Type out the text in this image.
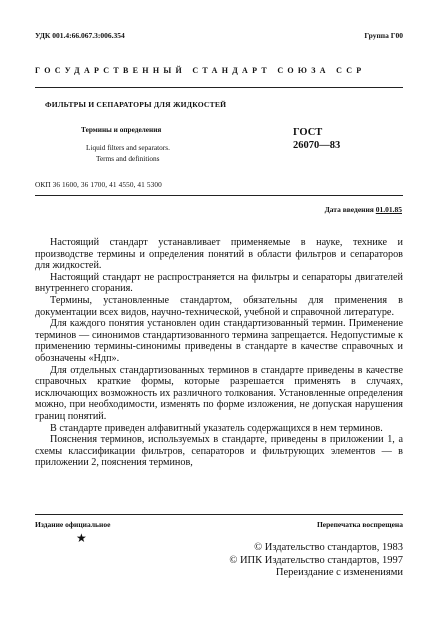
УДК 001.4:66.067.3:006.354	Группа Г00
ГОСУДАРСТВЕННЫЙ СТАНДАРТ СОЮЗА ССР
ФИЛЬТРЫ И СЕПАРАТОРЫ ДЛЯ ЖИДКОСТЕЙ
Термины и определения
Liquid filters and separators.
Terms and definitions
ГОСТ
26070—83
ОКП 36 1600, 36 1700, 41 4550, 41 5300
Дата введения 01.01.85

Настоящий стандарт устанавливает применяемые в науке, технике и производстве термины и определения понятий в области фильтров и сепараторов для жидкостей.

Настоящий стандарт не распространяется на фильтры и сепараторы двигателей внутреннего сгорания.

Термины, установленные стандартом, обязательны для применения в документации всех видов, научно-технической, учебной и справочной литературе.

Для каждого понятия установлен один стандартизованный термин. Применение терминов — синонимов стандартизованного термина запрещается. Недопустимые к применению термины-синонимы приведены в стандарте в качестве справочных и обозначены «Ндп».

Для отдельных стандартизованных терминов в стандарте приведены в качестве справочных краткие формы, которые разрешается применять в случаях, исключающих возможность их различного толкования. Установленные определения можно, при необходимости, изменять по форме изложения, не допуская нарушения границ понятий.

В стандарте приведен алфавитный указатель содержащихся в нем терминов.

Пояснения терминов, используемых в стандарте, приведены в приложении 1, а схемы классификации фильтров, сепараторов и фильтрующих элементов — в приложении 2, пояснения терминов,

Издание официальное	Перепечатка воспрещена
★
© Издательство стандартов, 1983
© ИПК Издательство стандартов, 1997
Переиздание с изменениями
